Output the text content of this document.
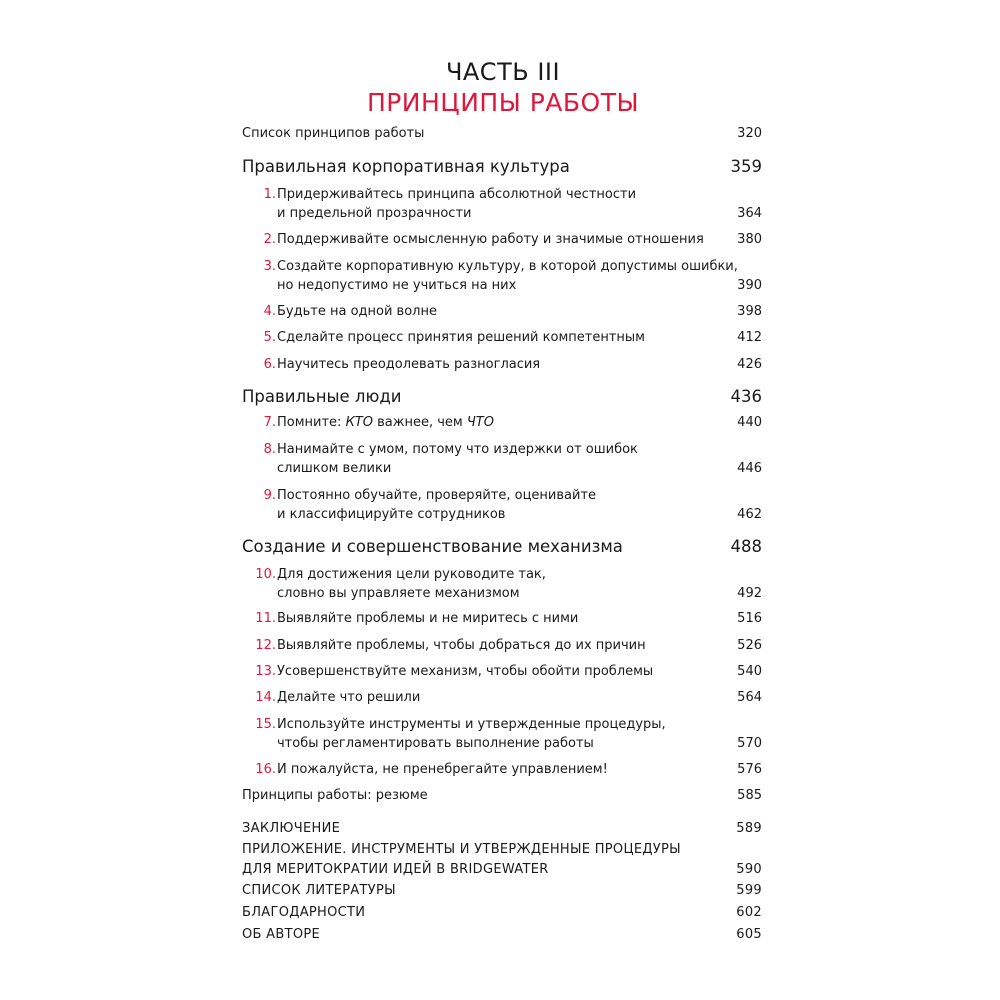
ЧАСТЬ III
ПРИНЦИПЫ РАБОТЫ
Список принципов работы	320
Правильная корпоративная культура	359
1. Придерживайтесь принципа абсолютной честности
и предельной прозрачности	364
2. Поддерживайте осмысленную работу и значимые отношения	380
3. Создайте корпоративную культуру, в которой допустимы ошибки,
но недопустимо не учиться на них	390
4. Будьте на одной волне	398
5. Сделайте процесс принятия решений компетентным	412
6. Научитесь преодолевать разногласия	426
Правильные люди	436
7. Помните: КТО важнее, чем ЧТО	440
8. Нанимайте с умом, потому что издержки от ошибок
слишком велики	446
9. Постоянно обучайте, проверяйте, оценивайте
и классифицируйте сотрудников	462
Создание и совершенствование механизма	488
10. Для достижения цели руководите так,
словно вы управляете механизмом	492
11. Выявляйте проблемы и не миритесь с ними	516
12. Выявляйте проблемы, чтобы добраться до их причин	526
13. Усовершенствуйте механизм, чтобы обойти проблемы	540
14. Делайте что решили	564
15. Используйте инструменты и утвержденные процедуры,
чтобы регламентировать выполнение работы	570
16. И пожалуйста, не пренебрегайте управлением!	576
Принципы работы: резюме	585
ЗАКЛЮЧЕНИЕ	589
ПРИЛОЖЕНИЕ. ИНСТРУМЕНТЫ И УТВЕРЖДЕННЫЕ ПРОЦЕДУРЫ
ДЛЯ МЕРИТОКРАТИИ ИДЕЙ В BRIDGEWATER	590
СПИСОК ЛИТЕРАТУРЫ	599
БЛАГОДАРНОСТИ	602
ОБ АВТОРЕ	605
